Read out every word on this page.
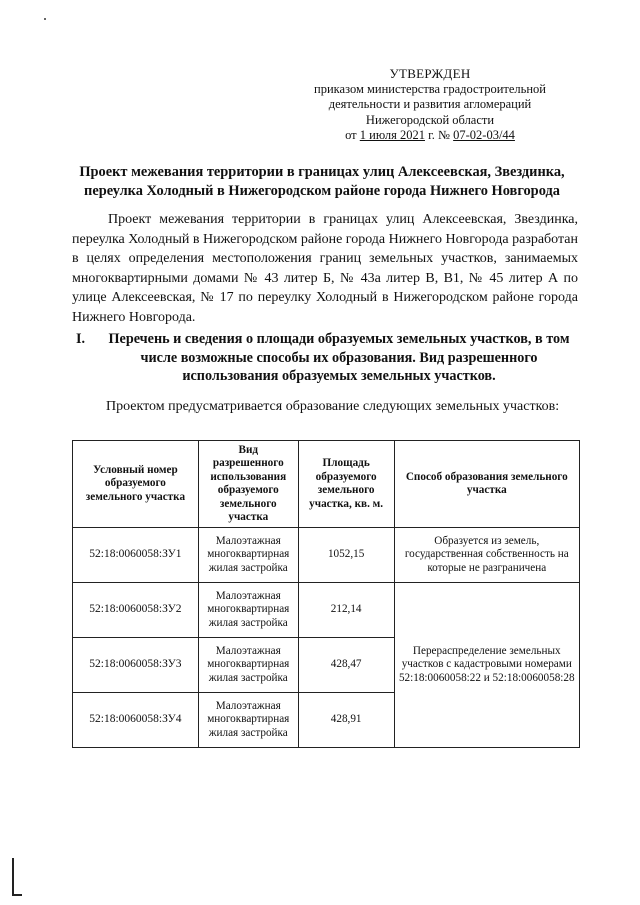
УТВЕРЖДЕН
приказом министерства градостроительной
деятельности и развития агломераций
Нижегородской области
от 1 июля 2021 г. № 07-02-03/44
Проект межевания территории в границах улиц Алексеевская, Звездинка, переулка Холодный в Нижегородском районе города Нижнего Новгорода

Проект межевания территории в границах улиц Алексеевская, Звездинка, переулка Холодный в Нижегородском районе города Нижнего Новгорода разработан в целях определения местоположения границ земельных участков, занимаемых многоквартирными домами № 43 литер Б, № 43а литер В, В1, № 45 литер А по улице Алексеевская, № 17 по переулку Холодный в Нижегородском районе города Нижнего Новгорода.

I.	Перечень и сведения о площади образуемых земельных участков, в том числе возможные способы их образования. Вид разрешенного использования образуемых земельных участков.

Проектом предусматривается образование следующих земельных участков:

Условный номер образуемого земельного участка	Вид разрешенного использования образуемого земельного участка	Площадь образуемого земельного участка, кв. м.	Способ образования земельного участка
52:18:0060058:ЗУ1	Малоэтажная многоквартирная жилая застройка	1052,15	Образуется из земель, государственная собственность на которые не разграничена
52:18:0060058:ЗУ2	Малоэтажная многоквартирная жилая застройка	212,14	Перераспределение земельных участков с кадастровыми номерами 52:18:0060058:22 и 52:18:0060058:28
52:18:0060058:ЗУ3	Малоэтажная многоквартирная жилая застройка	428,47	
52:18:0060058:ЗУ4	Малоэтажная многоквартирная жилая застройка	428,91	
